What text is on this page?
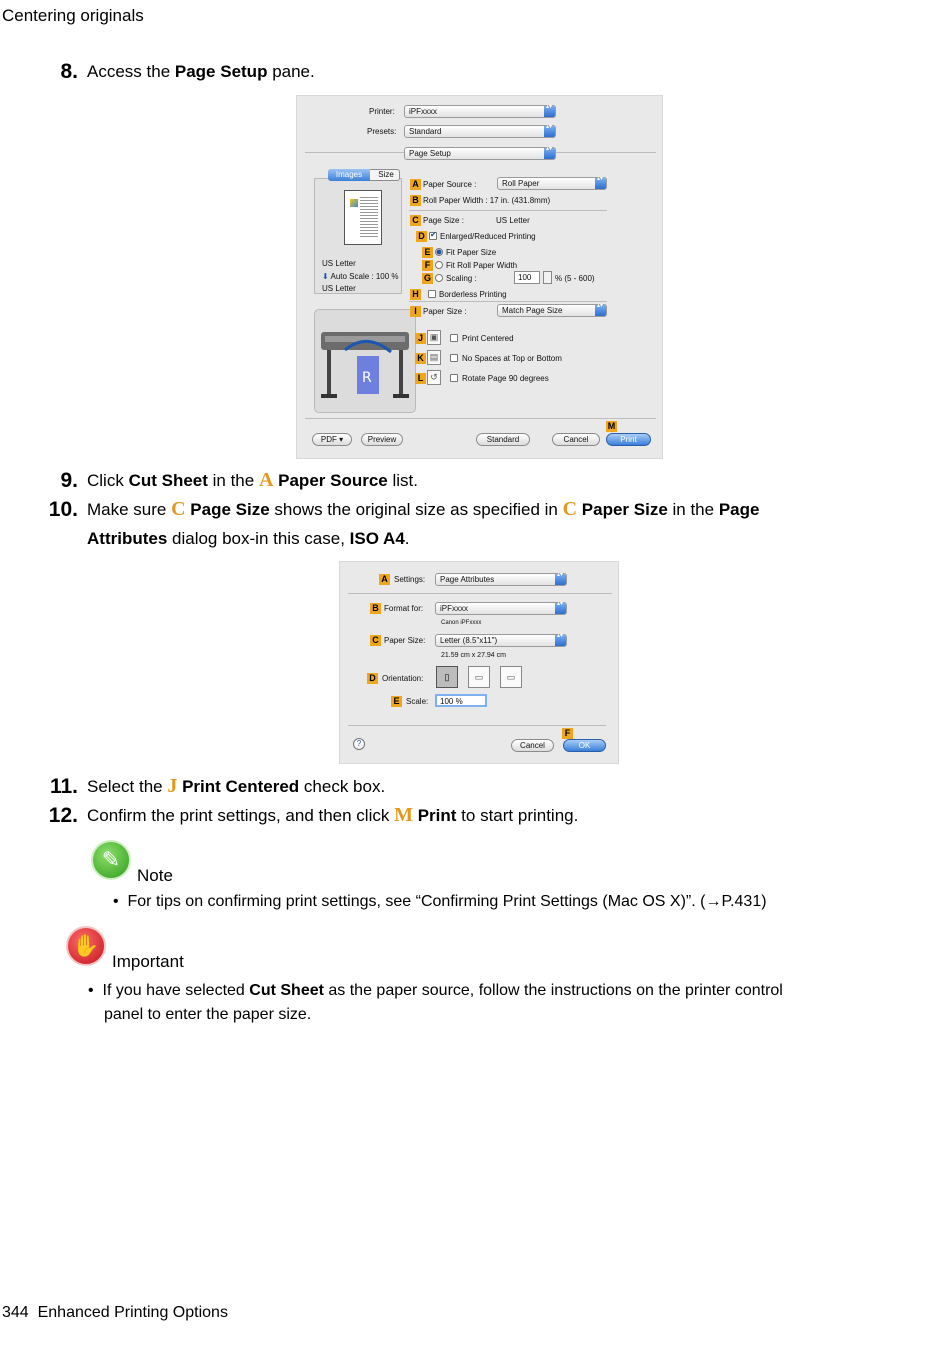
Centering originals
8. Access the Page Setup pane.
Printer:	iPFxxxx
▴▾
Presets:	Standard
▴▾
Page Setup
▴▾
Images	Size
US Letter
⬇ Auto Scale : 100 %
US Letter
R
A Paper Source :	Roll Paper
▴▾
B Roll Paper Width : 17 in. (431.8mm)
C Page Size :	US Letter
D
✔ Enlarged/Reduced Printing
E	Fit Paper Size
F	Fit Roll Paper Width
G Scaling :	100	% (5 - 600)
H	Borderless Printing
I Paper Size :	Match Page Size
▴▾
J ▣	Print Centered
K ▤	No Spaces at Top or Bottom
L ↺	Rotate Page 90 degrees
M
PDF ▾	Preview	Standard	Cancel	Print
9. Click Cut Sheet in the A Paper Source list.
10. Make sure C Page Size shows the original size as specified in C Paper Size in the Page
Attributes dialog box-in this case, ISO A4.
A Settings:	Page Attributes
▴▾
B Format for:	iPFxxxx
▴▾
Canon iPFxxxx
C Paper Size:	Letter (8.5"x11")
▴▾
21.59 cm x 27.94 cm
D Orientation:	▯	▭	▭
E Scale:	100 %
F
?	Cancel	OK
11. Select the J Print Centered check box.
12. Confirm the print settings, and then click M Print to start printing.
✎
Note
•  For tips on confirming print settings, see “Confirming Print Settings (Mac OS X)”. (→P.431)
✋
Important
•  If you have selected Cut Sheet as the paper source, follow the instructions on the printer control
panel to enter the paper size.
344 Enhanced Printing Options
